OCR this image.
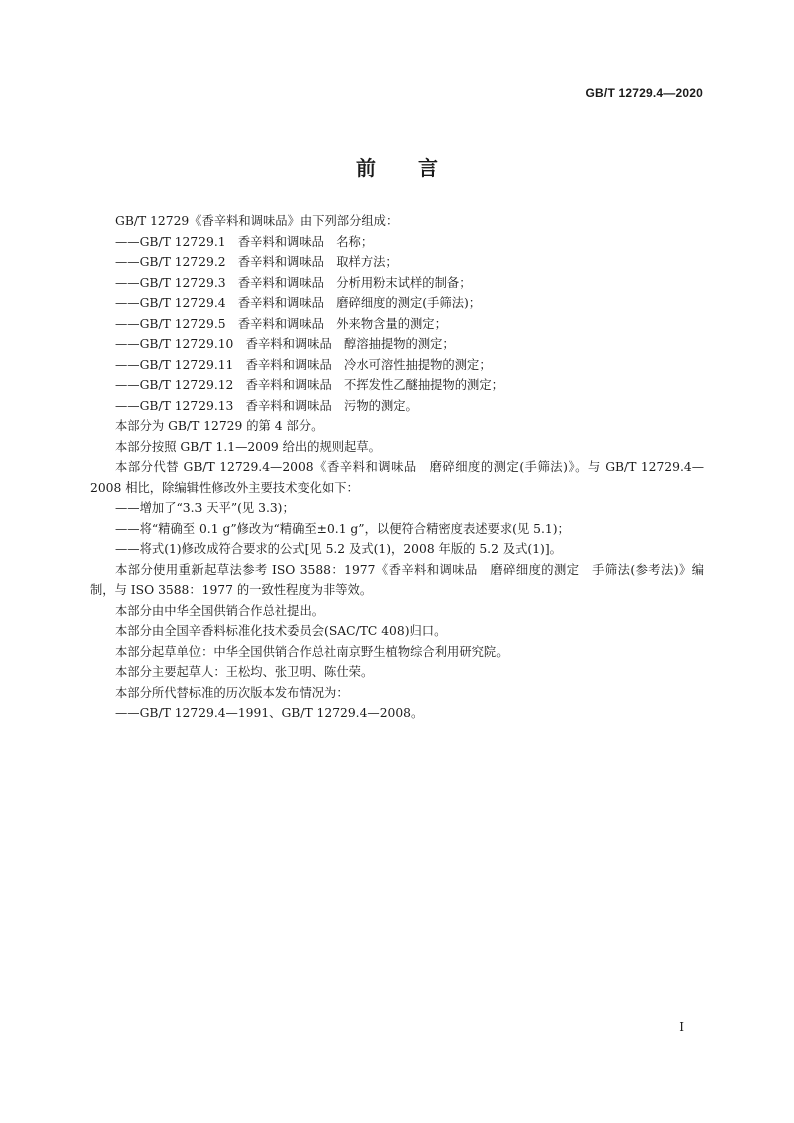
GB/T 12729.4—2020
前 言

GB/T 12729《香辛料和调味品》由下列部分组成：

——GB/T 12729.1　香辛料和调味品　名称；

——GB/T 12729.2　香辛料和调味品　取样方法；

——GB/T 12729.3　香辛料和调味品　分析用粉末试样的制备；

——GB/T 12729.4　香辛料和调味品　磨碎细度的测定(手筛法)；

——GB/T 12729.5　香辛料和调味品　外来物含量的测定；

——GB/T 12729.10　香辛料和调味品　醇溶抽提物的测定；

——GB/T 12729.11　香辛料和调味品　冷水可溶性抽提物的测定；

——GB/T 12729.12　香辛料和调味品　不挥发性乙醚抽提物的测定；

——GB/T 12729.13　香辛料和调味品　污物的测定。

本部分为 GB/T 12729 的第 4 部分。

本部分按照 GB/T 1.1—2009 给出的规则起草。

本部分代替 GB/T 12729.4—2008《香辛料和调味品　磨碎细度的测定(手筛法)》。与 GB/T 12729.4—2008 相比，除编辑性修改外主要技术变化如下：

——增加了“3.3 天平”(见 3.3)；

——将“精确至 0.1 g”修改为“精确至±0.1 g”，以便符合精密度表述要求(见 5.1)；

——将式(1)修改成符合要求的公式[见 5.2 及式(1)，2008 年版的 5.2 及式(1)]。

本部分使用重新起草法参考 ISO 3588：1977《香辛料和调味品　磨碎细度的测定　手筛法(参考法)》编制，与 ISO 3588：1977 的一致性程度为非等效。

本部分由中华全国供销合作总社提出。

本部分由全国辛香料标准化技术委员会(SAC/TC 408)归口。

本部分起草单位：中华全国供销合作总社南京野生植物综合利用研究院。

本部分主要起草人：王松均、张卫明、陈仕荣。

本部分所代替标准的历次版本发布情况为：

——GB/T 12729.4—1991、GB/T 12729.4—2008。

I
